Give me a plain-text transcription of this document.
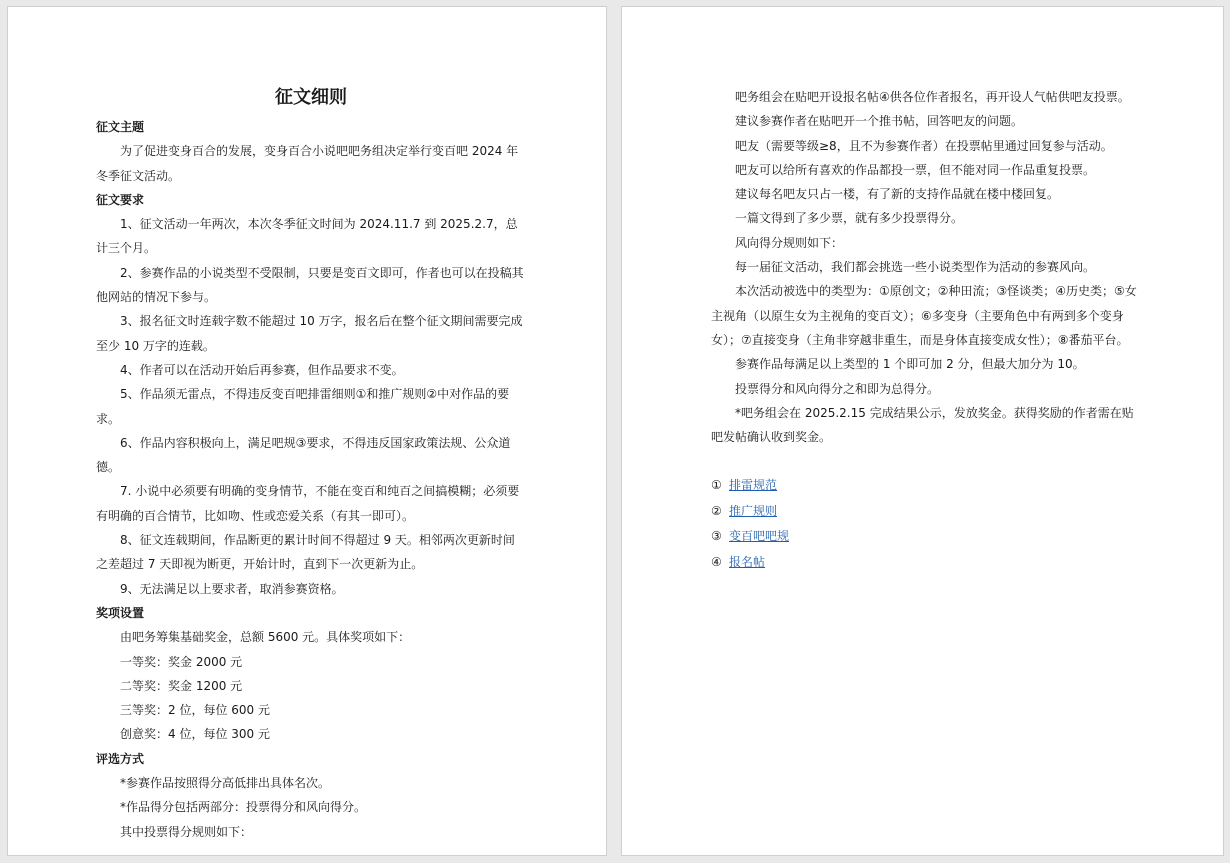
征文细则
征文主题
为了促进变身百合的发展，变身百合小说吧吧务组决定举行变百吧 2024 年冬季征文活动。
征文要求
1、征文活动一年两次，本次冬季征文时间为 2024.11.7 到 2025.2.7，总计三个月。
2、参赛作品的小说类型不受限制，只要是变百文即可，作者也可以在投稿其他网站的情况下参与。
3、报名征文时连载字数不能超过 10 万字，报名后在整个征文期间需要完成至少 10 万字的连载。
4、作者可以在活动开始后再参赛，但作品要求不变。
5、作品须无雷点，不得违反变百吧排雷细则①和推广规则②中对作品的要求。
6、作品内容积极向上，满足吧规③要求，不得违反国家政策法规、公众道德。
7. 小说中必须要有明确的变身情节，不能在变百和纯百之间搞模糊；必须要有明确的百合情节，比如吻、性或恋爱关系（有其一即可）。
8、征文连载期间，作品断更的累计时间不得超过 9 天。相邻两次更新时间之差超过 7 天即视为断更，开始计时，直到下一次更新为止。
9、无法满足以上要求者，取消参赛资格。
奖项设置
由吧务筹集基础奖金，总额 5600 元。具体奖项如下：
一等奖：奖金 2000 元
二等奖：奖金 1200 元
三等奖：2 位，每位 600 元
创意奖：4 位，每位 300 元
评选方式
*参赛作品按照得分高低排出具体名次。
*作品得分包括两部分：投票得分和风向得分。
其中投票得分规则如下：
吧务组会在贴吧开设报名帖④供各位作者报名，再开设人气帖供吧友投票。
建议参赛作者在贴吧开一个推书帖，回答吧友的问题。
吧友（需要等级≥8，且不为参赛作者）在投票帖里通过回复参与活动。
吧友可以给所有喜欢的作品都投一票，但不能对同一作品重复投票。
建议每名吧友只占一楼，有了新的支持作品就在楼中楼回复。
一篇文得到了多少票，就有多少投票得分。
风向得分规则如下：
每一届征文活动，我们都会挑选一些小说类型作为活动的参赛风向。
本次活动被选中的类型为：①原创文；②种田流；③怪谈类；④历史类；⑤女主视角（以原生女为主视角的变百文）；⑥多变身（主要角色中有两到多个变身女）；⑦直接变身（主角非穿越非重生，而是身体直接变成女性）；⑧番茄平台。
参赛作品每满足以上类型的 1 个即可加 2 分，但最大加分为 10。
投票得分和风向得分之和即为总得分。
*吧务组会在 2025.2.15 完成结果公示，发放奖金。获得奖励的作者需在贴吧发帖确认收到奖金。
① 排雷规范
② 推广规则
③ 变百吧吧规
④ 报名帖
